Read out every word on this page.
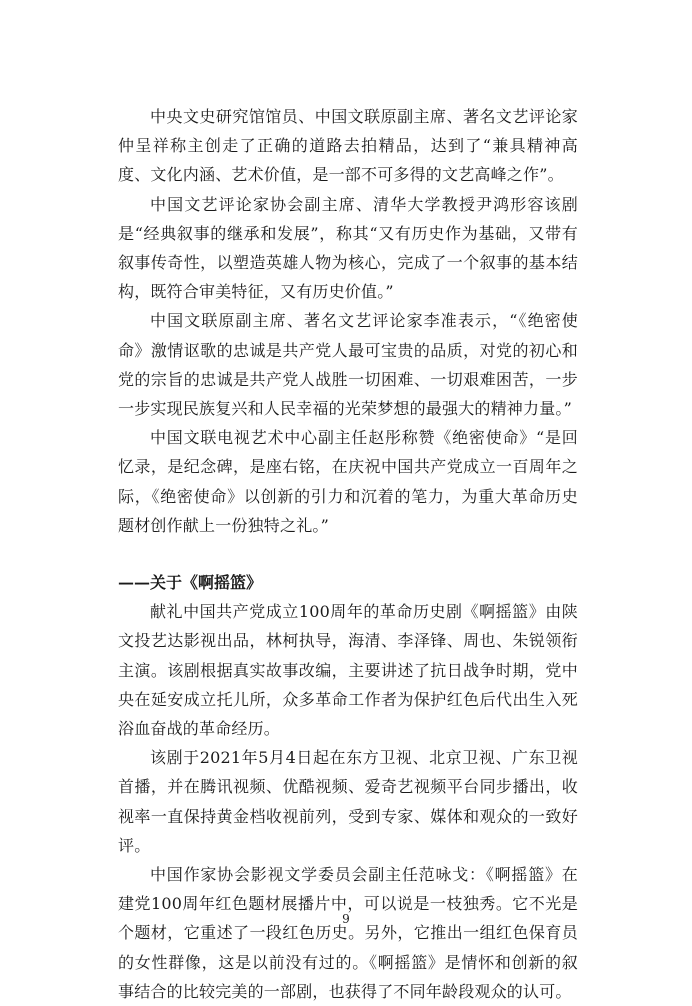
中央文史研究馆馆员、中国文联原副主席、著名文艺评论家仲呈祥称主创走了正确的道路去拍精品，达到了“兼具精神高度、文化内涵、艺术价值，是一部不可多得的文艺高峰之作”。

中国文艺评论家协会副主席、清华大学教授尹鸿形容该剧是“经典叙事的继承和发展”，称其“又有历史作为基础，又带有叙事传奇性，以塑造英雄人物为核心，完成了一个叙事的基本结构，既符合审美特征，又有历史价值。”

中国文联原副主席、著名文艺评论家李准表示，“《绝密使命》激情讴歌的忠诚是共产党人最可宝贵的品质，对党的初心和党的宗旨的忠诚是共产党人战胜一切困难、一切艰难困苦，一步一步实现民族复兴和人民幸福的光荣梦想的最强大的精神力量。”

中国文联电视艺术中心副主任赵彤称赞《绝密使命》“是回忆录，是纪念碑，是座右铭，在庆祝中国共产党成立一百周年之际，《绝密使命》以创新的引力和沉着的笔力，为重大革命历史题材创作献上一份独特之礼。”

——关于《啊摇篮》

献礼中国共产党成立100周年的革命历史剧《啊摇篮》由陕文投艺达影视出品，林柯执导，海清、李泽锋、周也、朱锐领衔主演。该剧根据真实故事改编，主要讲述了抗日战争时期，党中央在延安成立托儿所，众多革命工作者为保护红色后代出生入死浴血奋战的革命经历。

该剧于2021年5月4日起在东方卫视、北京卫视、广东卫视首播，并在腾讯视频、优酷视频、爱奇艺视频平台同步播出，收视率一直保持黄金档收视前列，受到专家、媒体和观众的一致好评。

中国作家协会影视文学委员会副主任范咏戈：《啊摇篮》在建党100周年红色题材展播片中，可以说是一枝独秀。它不光是个题材，它重述了一段红色历史。另外，它推出一组红色保育员的女性群像，这是以前没有过的。《啊摇篮》是情怀和创新的叙事结合的比较完美的一部剧，也获得了不同年龄段观众的认可。

9
